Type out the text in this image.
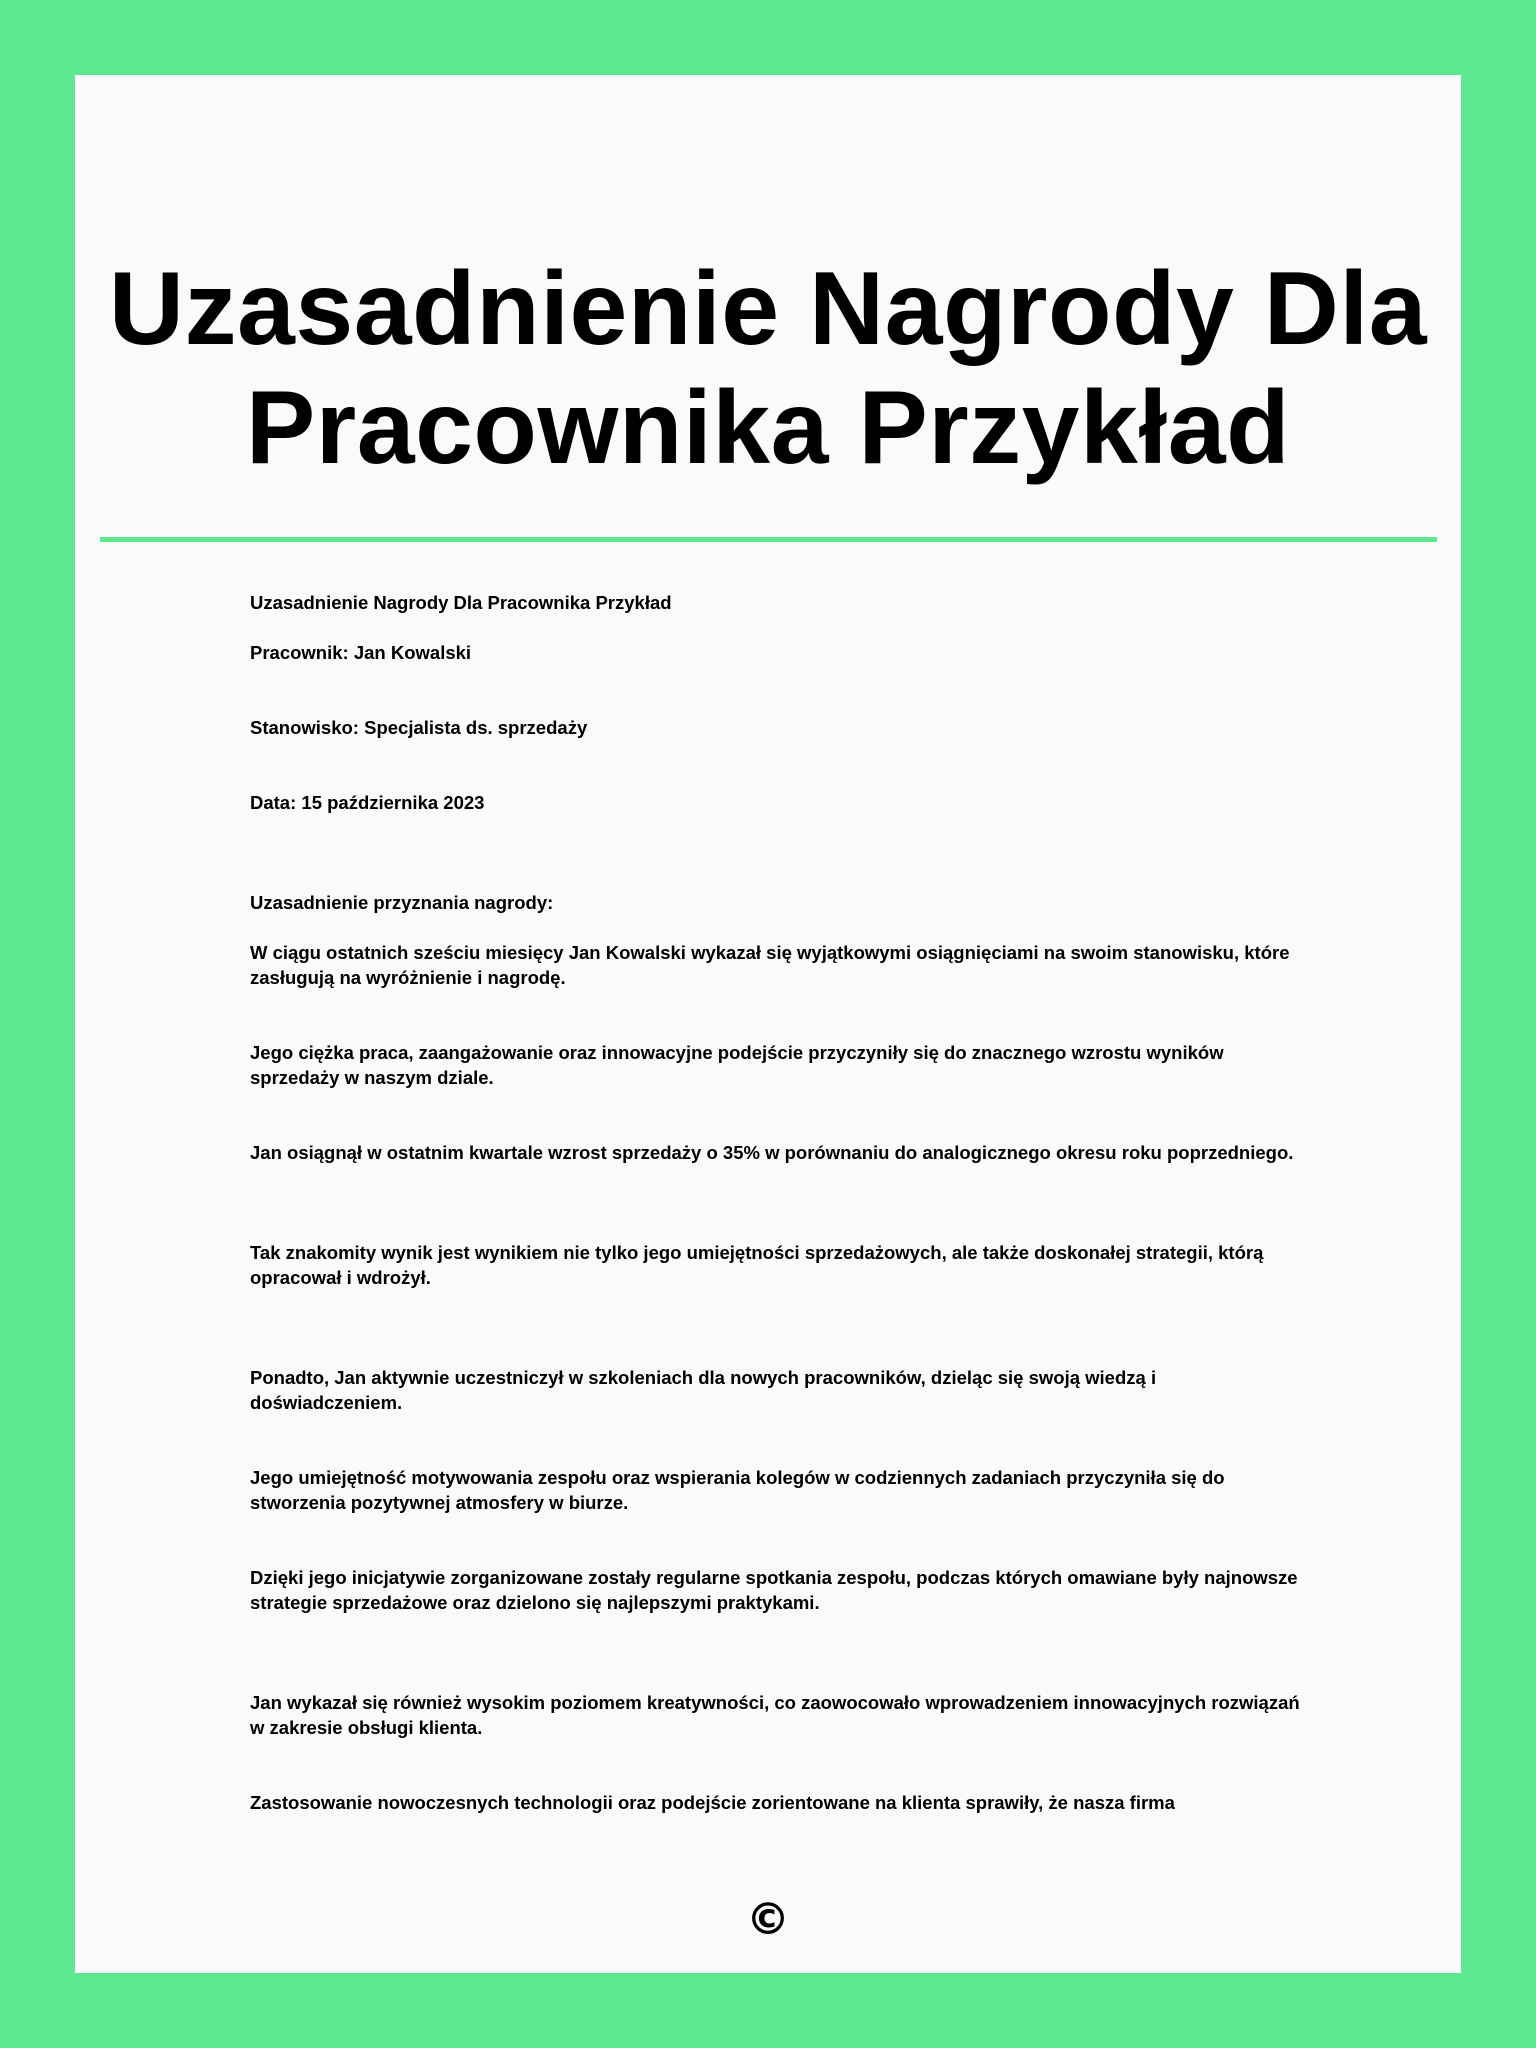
Uzasadnienie Nagrody Dla Pracownika Przykład

Uzasadnienie Nagrody Dla Pracownika Przykład

Pracownik: Jan Kowalski

Stanowisko: Specjalista ds. sprzedaży

Data: 15 października 2023

Uzasadnienie przyznania nagrody:

W ciągu ostatnich sześciu miesięcy Jan Kowalski wykazał się wyjątkowymi osiągnięciami na swoim stanowisku, które zasługują na wyróżnienie i nagrodę.

Jego ciężka praca, zaangażowanie oraz innowacyjne podejście przyczyniły się do znacznego wzrostu wyników sprzedaży w naszym dziale.

Jan osiągnął w ostatnim kwartale wzrost sprzedaży o 35% w porównaniu do analogicznego okresu roku poprzedniego.

Tak znakomity wynik jest wynikiem nie tylko jego umiejętności sprzedażowych, ale także doskonałej strategii, którą opracował i wdrożył.

Ponadto, Jan aktywnie uczestniczył w szkoleniach dla nowych pracowników, dzieląc się swoją wiedzą i doświadczeniem.

Jego umiejętność motywowania zespołu oraz wspierania kolegów w codziennych zadaniach przyczyniła się do stworzenia pozytywnej atmosfery w biurze.

Dzięki jego inicjatywie zorganizowane zostały regularne spotkania zespołu, podczas których omawiane były najnowsze strategie sprzedażowe oraz dzielono się najlepszymi praktykami.

Jan wykazał się również wysokim poziomem kreatywności, co zaowocowało wprowadzeniem innowacyjnych rozwiązań w zakresie obsługi klienta.

Zastosowanie nowoczesnych technologii oraz podejście zorientowane na klienta sprawiły, że nasza firma

©
